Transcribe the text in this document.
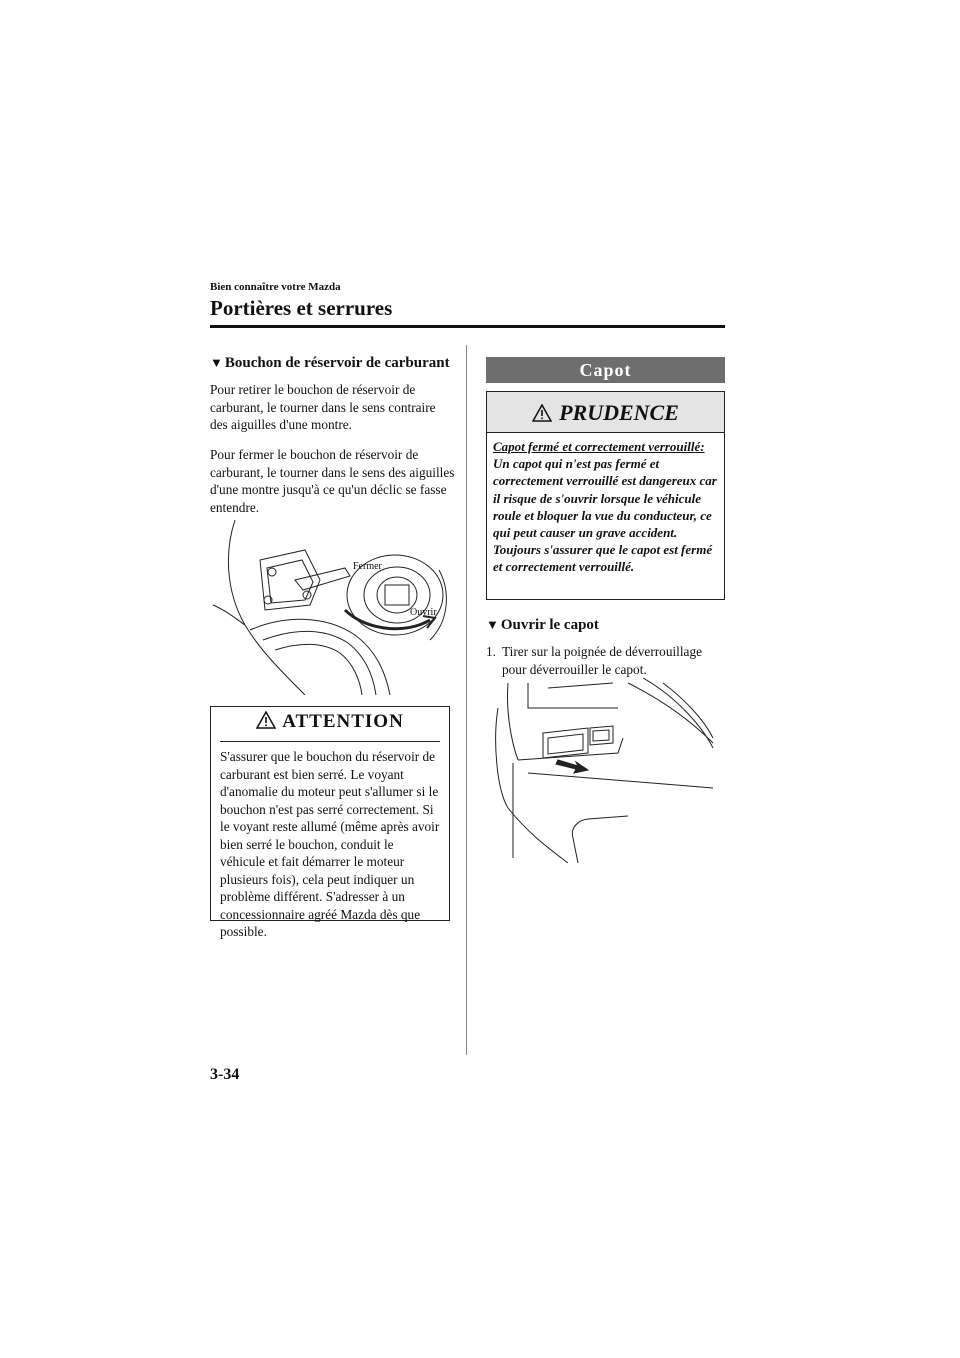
Bien connaître votre Mazda
Portières et serrures
▼ Bouchon de réservoir de carburant
Pour retirer le bouchon de réservoir de carburant, le tourner dans le sens contraire des aiguilles d'une montre.
Pour fermer le bouchon de réservoir de carburant, le tourner dans le sens des aiguilles d'une montre jusqu'à ce qu'un déclic se fasse entendre.
Fermer
Ouvrir
ATTENTION
S'assurer que le bouchon du réservoir de carburant est bien serré. Le voyant d'anomalie du moteur peut s'allumer si le bouchon n'est pas serré correctement. Si le voyant reste allumé (même après avoir bien serré le bouchon, conduit le véhicule et fait démarrer le moteur plusieurs fois), cela peut indiquer un problème différent. S'adresser à un concessionnaire agréé Mazda dès que possible.
Capot
PRUDENCE
Capot fermé et correctement verrouillé:
Un capot qui n'est pas fermé et correctement verrouillé est dangereux car il risque de s'ouvrir lorsque le véhicule roule et bloquer la vue du conducteur, ce qui peut causer un grave accident. Toujours s'assurer que le capot est fermé et correctement verrouillé.
▼ Ouvrir le capot
1. Tirer sur la poignée de déverrouillage pour déverrouiller le capot.
3-34
